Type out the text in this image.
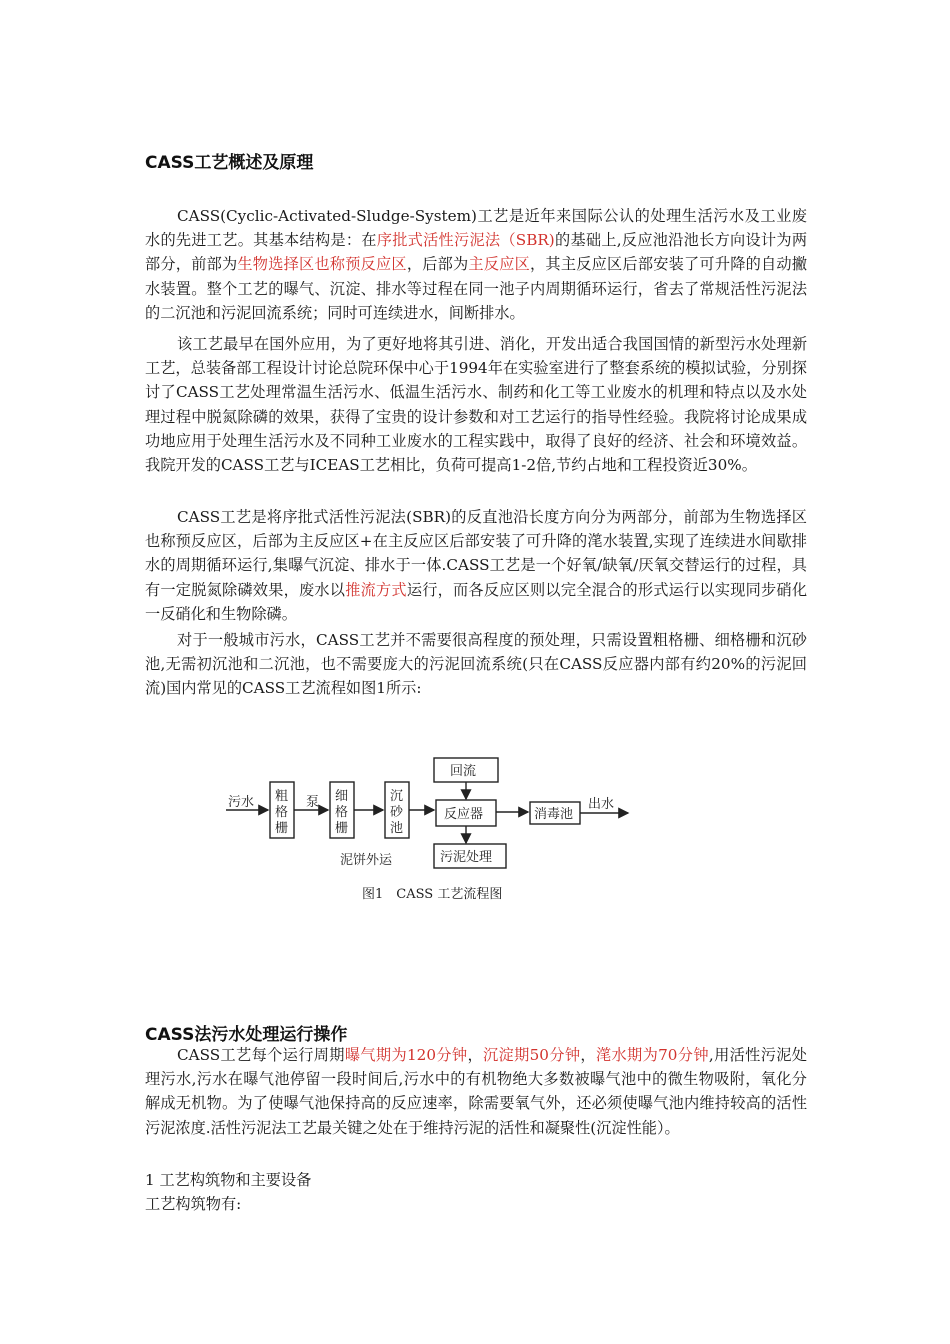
CASS工艺概述及原理

CASS(Cyclic-Activated-Sludge-System)工艺是近年来国际公认的处理生活污水及工业废水的先进工艺。其基本结构是：在序批式活性污泥法（SBR)的基础上,反应池沿池长方向设计为两部分，前部为生物选择区也称预反应区，后部为主反应区，其主反应区后部安装了可升降的自动撇水装置。整个工艺的曝气、沉淀、排水等过程在同一池子内周期循环运行，省去了常规活性污泥法的二沉池和污泥回流系统；同时可连续进水，间断排水。

该工艺最早在国外应用，为了更好地将其引进、消化，开发出适合我国国情的新型污水处理新工艺，总装备部工程设计讨论总院环保中心于1994年在实验室进行了整套系统的模拟试验，分别探讨了CASS工艺处理常温生活污水、低温生活污水、制药和化工等工业废水的机理和特点以及水处理过程中脱氮除磷的效果，获得了宝贵的设计参数和对工艺运行的指导性经验。我院将讨论成果成功地应用于处理生活污水及不同种工业废水的工程实践中，取得了良好的经济、社会和环境效益。我院开发的CASS工艺与ICEAS工艺相比，负荷可提高1-2倍,节约占地和工程投资近30%。

CASS工艺是将序批式活性污泥法(SBR)的反直池沿长度方向分为两部分，前部为生物选择区也称预反应区，后部为主反应区+在主反应区后部安装了可升降的滗水装置,实现了连续进水间歇排水的周期循环运行,集曝气沉淀、排水于一体.CASS工艺是一个好氧/缺氧/厌氧交替运行的过程，具有一定脱氮除磷效果，废水以推流方式运行，而各反应区则以完全混合的形式运行以实现同步硝化一反硝化和生物除磷。

对于一般城市污水，CASS工艺并不需要很高程度的预处理，只需设置粗格栅、细格栅和沉砂池,无需初沉池和二沉池，也不需要庞大的污泥回流系统(只在CASS反应器内部有约20%的污泥回流)国内常见的CASS工艺流程如图1所示:

污水 粗
格
栅
泵 细
格
栅
沉
砂
池
反应器
回流
消毒池
出水
污泥处理
泥饼外运
图1　CASS 工艺流程图
CASS法污水处理运行操作

CASS工艺每个运行周期曝气期为120分钟，沉淀期50分钟，滗水期为70分钟,用活性污泥处理污水,污水在曝气池停留一段时间后,污水中的有机物绝大多数被曝气池中的微生物吸附，氧化分解成无机物。为了使曝气池保持高的反应速率，除需要氧气外，还必须使曝气池内维持较高的活性污泥浓度.活性污泥法工艺最关键之处在于维持污泥的活性和凝聚性(沉淀性能）。

1 工艺构筑物和主要设备
工艺构筑物有:
